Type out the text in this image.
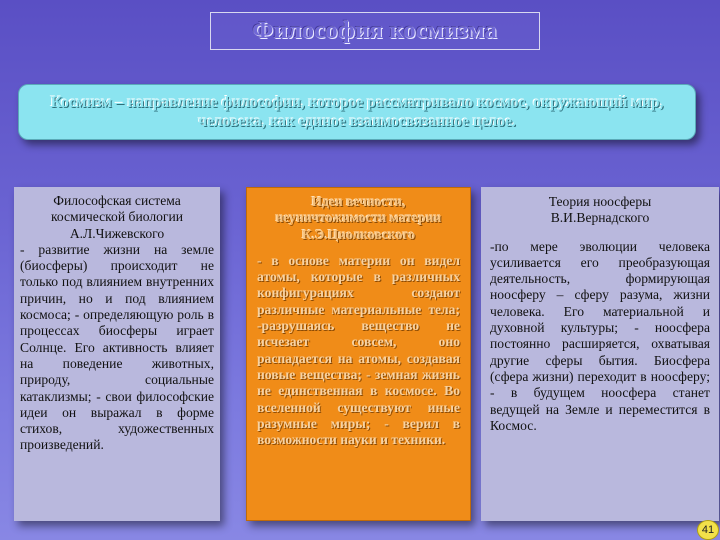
Философия космизма
Космизм – направление философии, которое рассматривало космос, окружающий мир, человека, как единое взаимосвязанное целое.
Философская система космической биологии А.Л.Чижевского
- развитие жизни на земле (биосферы) происходит не только под влиянием внутренних причин, но и под влиянием космоса; - определяющую роль в процессах биосферы играет Солнце. Его активность влияет на поведение животных, природу, социальные катаклизмы; - свои философские идеи он выражал в форме стихов, художественных произведений.
Идеи вечности, неуничтожимости материи К.Э.Циолковского
- в основе материи он видел атомы, которые в различных конфигурациях создают различные материальные тела; -разрушаясь вещество не исчезает совсем, оно распадается на атомы, создавая новые вещества; - земная жизнь не единственная в космосе. Во вселенной существуют иные разумные миры; - верил в возможности науки и техники.
Теория ноосферы В.И.Вернадского
-по мере эволюции человека усиливается его преобразующая деятельность, формирующая ноосферу – сферу разума, жизни человека. Его материальной и духовной культуры; - ноосфера постоянно расширяется, охватывая другие сферы бытия. Биосфера (сфера жизни) переходит в ноосферу; - в будущем ноосфера станет ведущей на Земле и переместится в Космос.
41
